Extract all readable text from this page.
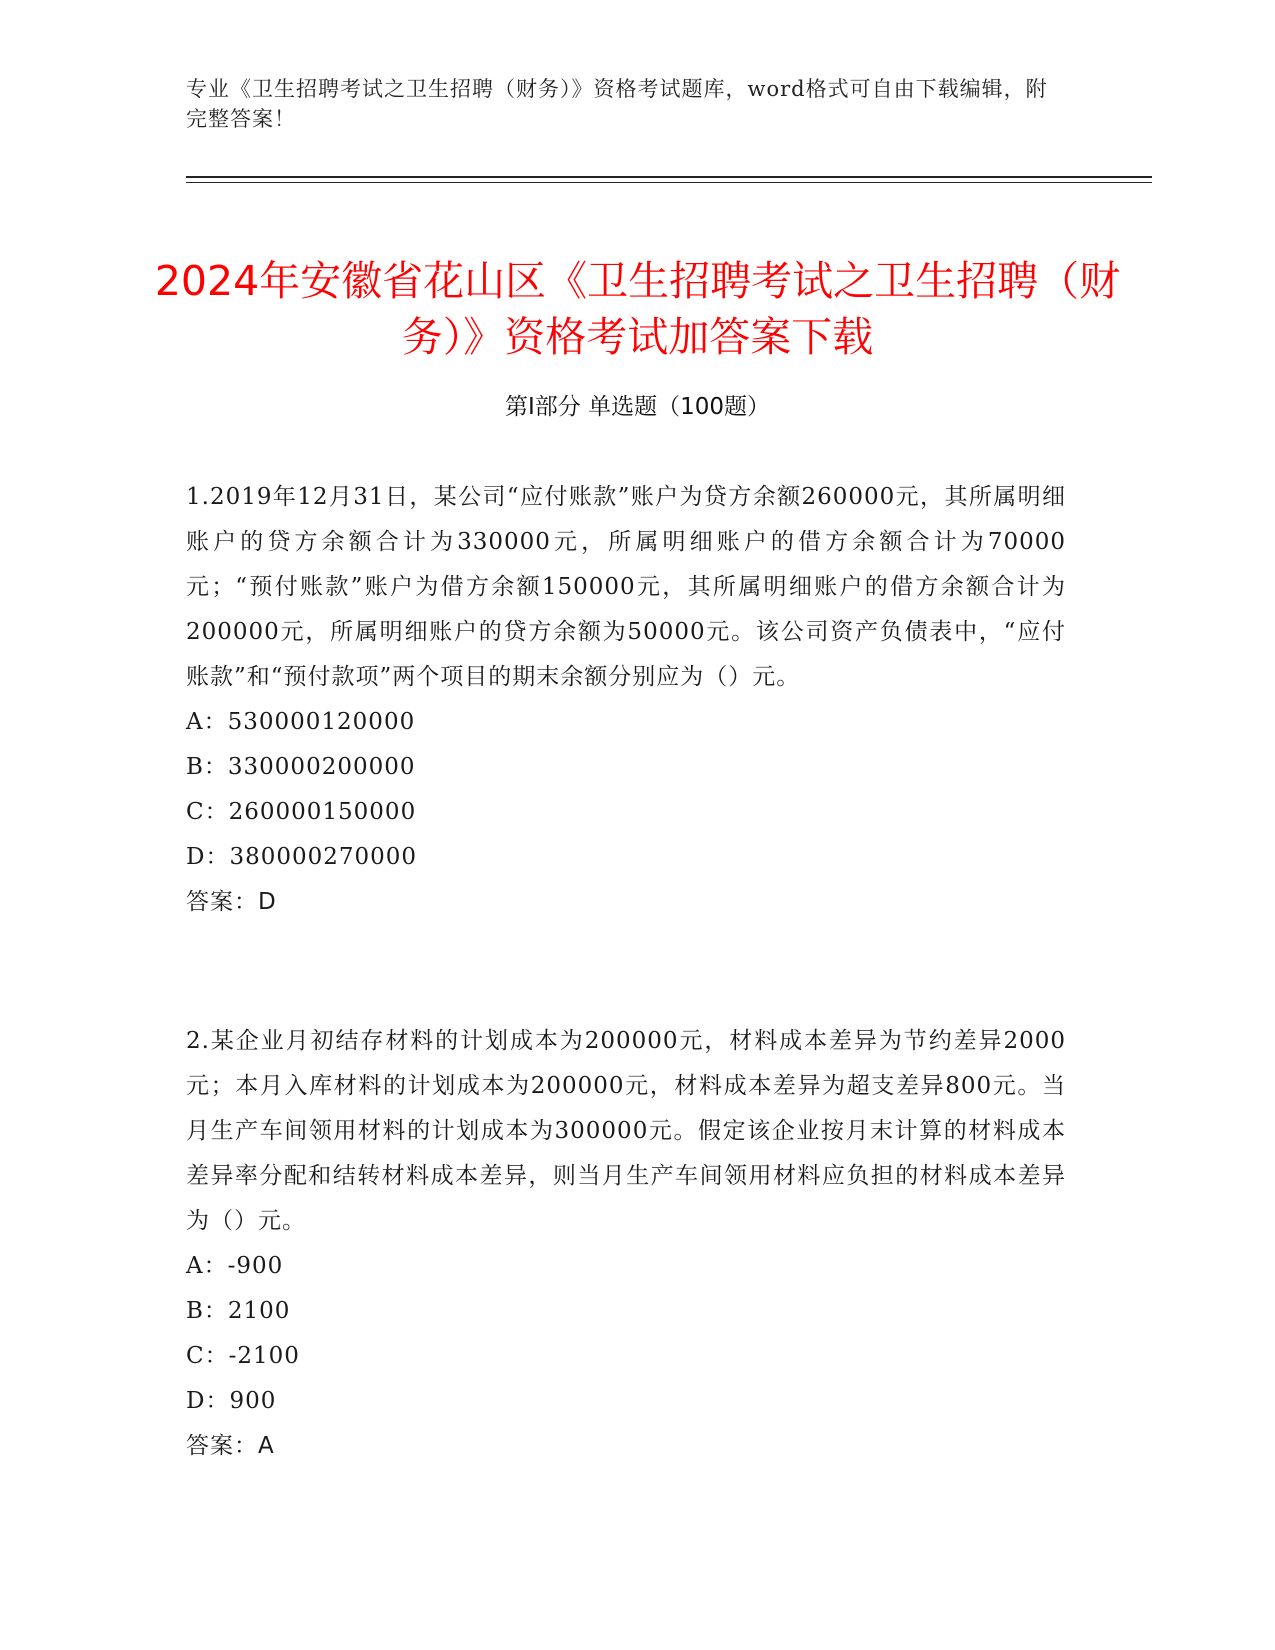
专业《卫生招聘考试之卫生招聘（财务）》资格考试题库，word格式可自由下载编辑，附完整答案！
2024年安徽省花山区《卫生招聘考试之卫生招聘（财务）》资格考试加答案下载
第Ⅰ部分 单选题（100题）
1.2019年12月31日，某公司“应付账款”账户为贷方余额260000元，其所属明细账户的贷方余额合计为330000元，所属明细账户的借方余额合计为70000元；“预付账款”账户为借方余额150000元，其所属明细账户的借方余额合计为200000元，所属明细账户的贷方余额为50000元。该公司资产负债表中，“应付账款”和“预付款项”两个项目的期末余额分别应为（）元。
A：530000120000
B：330000200000
C：260000150000
D：380000270000
答案：D
2.某企业月初结存材料的计划成本为200000元，材料成本差异为节约差异2000元；本月入库材料的计划成本为200000元，材料成本差异为超支差异800元。当月生产车间领用材料的计划成本为300000元。假定该企业按月末计算的材料成本差异率分配和结转材料成本差异，则当月生产车间领用材料应负担的材料成本差异为（）元。
A：-900
B：2100
C：-2100
D：900
答案：A
